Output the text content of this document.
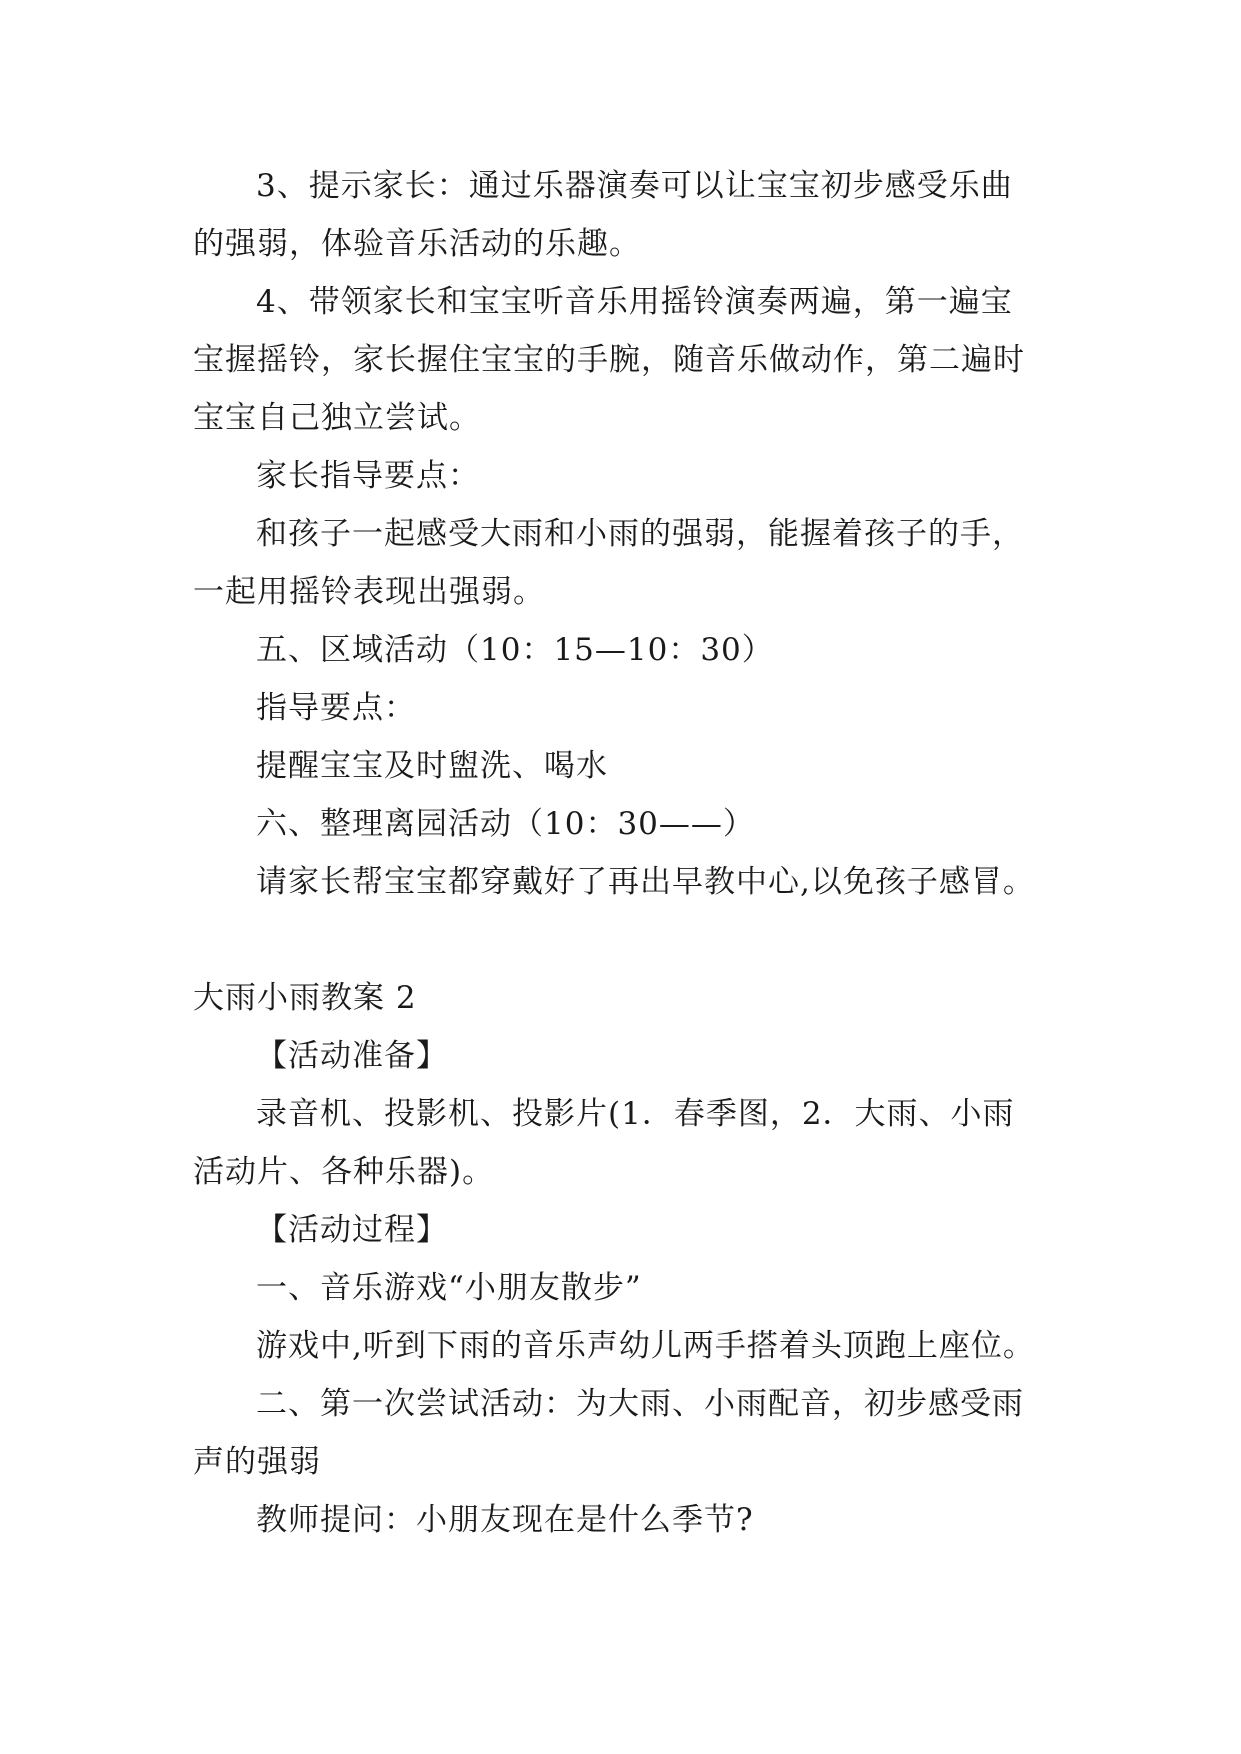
3、提示家长：通过乐器演奏可以让宝宝初步感受乐曲
的强弱，体验音乐活动的乐趣。
4、带领家长和宝宝听音乐用摇铃演奏两遍，第一遍宝
宝握摇铃，家长握住宝宝的手腕，随音乐做动作，第二遍时
宝宝自己独立尝试。
家长指导要点：
和孩子一起感受大雨和小雨的强弱，能握着孩子的手，
一起用摇铃表现出强弱。
五、区域活动（10：15—10：30）
指导要点：
提醒宝宝及时盥洗、喝水
六、整理离园活动（10：30——）
请家长帮宝宝都穿戴好了再出早教中心,以免孩子感冒。
大雨小雨教案 2
【活动准备】
录音机、投影机、投影片(1．春季图，2．大雨、小雨
活动片、各种乐器)。
【活动过程】
一、音乐游戏“小朋友散步”
游戏中,听到下雨的音乐声幼儿两手搭着头顶跑上座位。
二、第一次尝试活动：为大雨、小雨配音，初步感受雨
声的强弱
教师提问：小朋友现在是什么季节?
